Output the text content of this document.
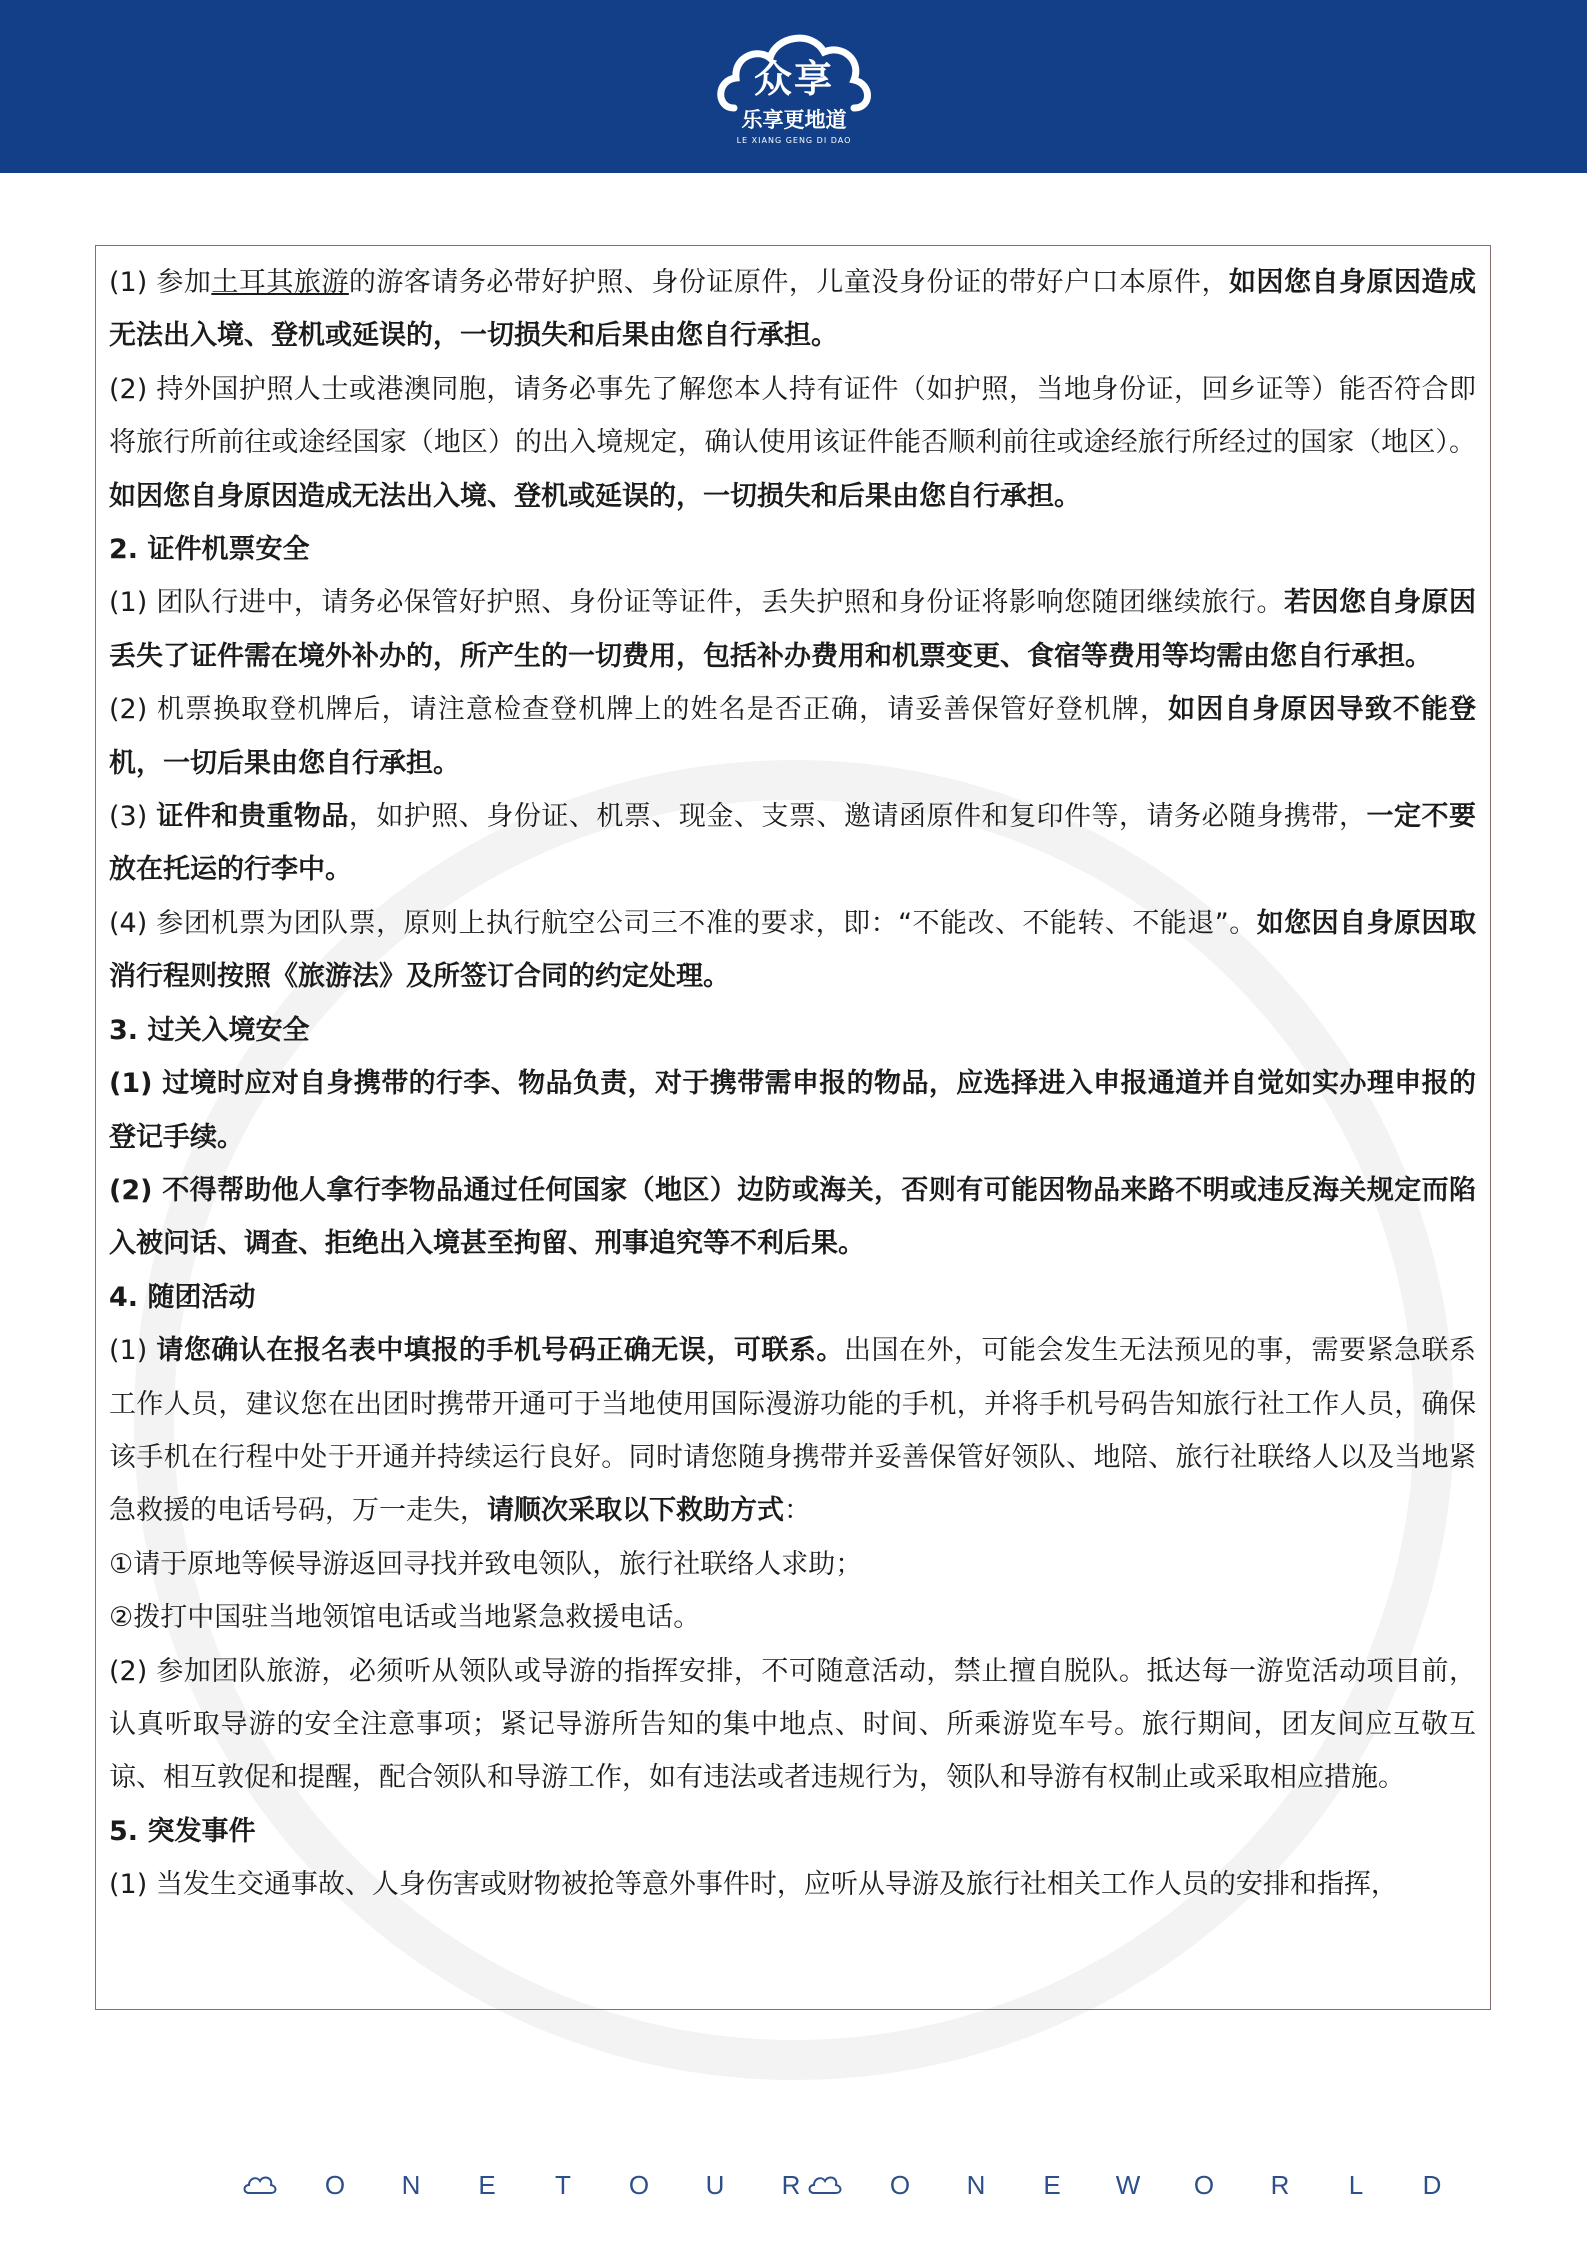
众享
乐享更地道
LE XIANG GENG DI DAO

(1) 参加土耳其旅游的游客请务必带好护照、身份证原件，儿童没身份证的带好户口本原件，如因您自身原因造成无法出入境、登机或延误的，一切损失和后果由您自行承担。

(2) 持外国护照人士或港澳同胞，请务必事先了解您本人持有证件（如护照，当地身份证，回乡证等）能否符合即将旅行所前往或途经国家（地区）的出入境规定，确认使用该证件能否顺利前往或途经旅行所经过的国家（地区）。如因您自身原因造成无法出入境、登机或延误的，一切损失和后果由您自行承担。

2. 证件机票安全

(1) 团队行进中，请务必保管好护照、身份证等证件，丢失护照和身份证将影响您随团继续旅行。若因您自身原因丢失了证件需在境外补办的，所产生的一切费用，包括补办费用和机票变更、食宿等费用等均需由您自行承担。

(2) 机票换取登机牌后，请注意检查登机牌上的姓名是否正确，请妥善保管好登机牌，如因自身原因导致不能登机，一切后果由您自行承担。

(3) 证件和贵重物品，如护照、身份证、机票、现金、支票、邀请函原件和复印件等，请务必随身携带，一定不要放在托运的行李中。

(4) 参团机票为团队票，原则上执行航空公司三不准的要求，即：“不能改、不能转、不能退”。如您因自身原因取消行程则按照《旅游法》及所签订合同的约定处理。

3. 过关入境安全

(1) 过境时应对自身携带的行李、物品负责，对于携带需申报的物品，应选择进入申报通道并自觉如实办理申报的登记手续。

(2) 不得帮助他人拿行李物品通过任何国家（地区）边防或海关，否则有可能因物品来路不明或违反海关规定而陷入被问话、调查、拒绝出入境甚至拘留、刑事追究等不利后果。

4. 随团活动

(1) 请您确认在报名表中填报的手机号码正确无误，可联系。出国在外，可能会发生无法预见的事，需要紧急联系工作人员，建议您在出团时携带开通可于当地使用国际漫游功能的手机，并将手机号码告知旅行社工作人员，确保该手机在行程中处于开通并持续运行良好。同时请您随身携带并妥善保管好领队、地陪、旅行社联络人以及当地紧急救援的电话号码，万一走失，请顺次采取以下救助方式：

①请于原地等候导游返回寻找并致电领队，旅行社联络人求助；

②拨打中国驻当地领馆电话或当地紧急救援电话。

(2) 参加团队旅游，必须听从领队或导游的指挥安排，不可随意活动，禁止擅自脱队。抵达每一游览活动项目前，认真听取导游的安全注意事项；紧记导游所告知的集中地点、时间、所乘游览车号。旅行期间，团友间应互敬互谅、相互敦促和提醒，配合领队和导游工作，如有违法或者违规行为，领队和导游有权制止或采取相应措施。

5. 突发事件

(1) 当发生交通事故、人身伤害或财物被抢等意外事件时，应听从导游及旅行社相关工作人员的安排和指挥，

O	N	E	T	O	U	R	O	N	E	W	O	R	L	D
